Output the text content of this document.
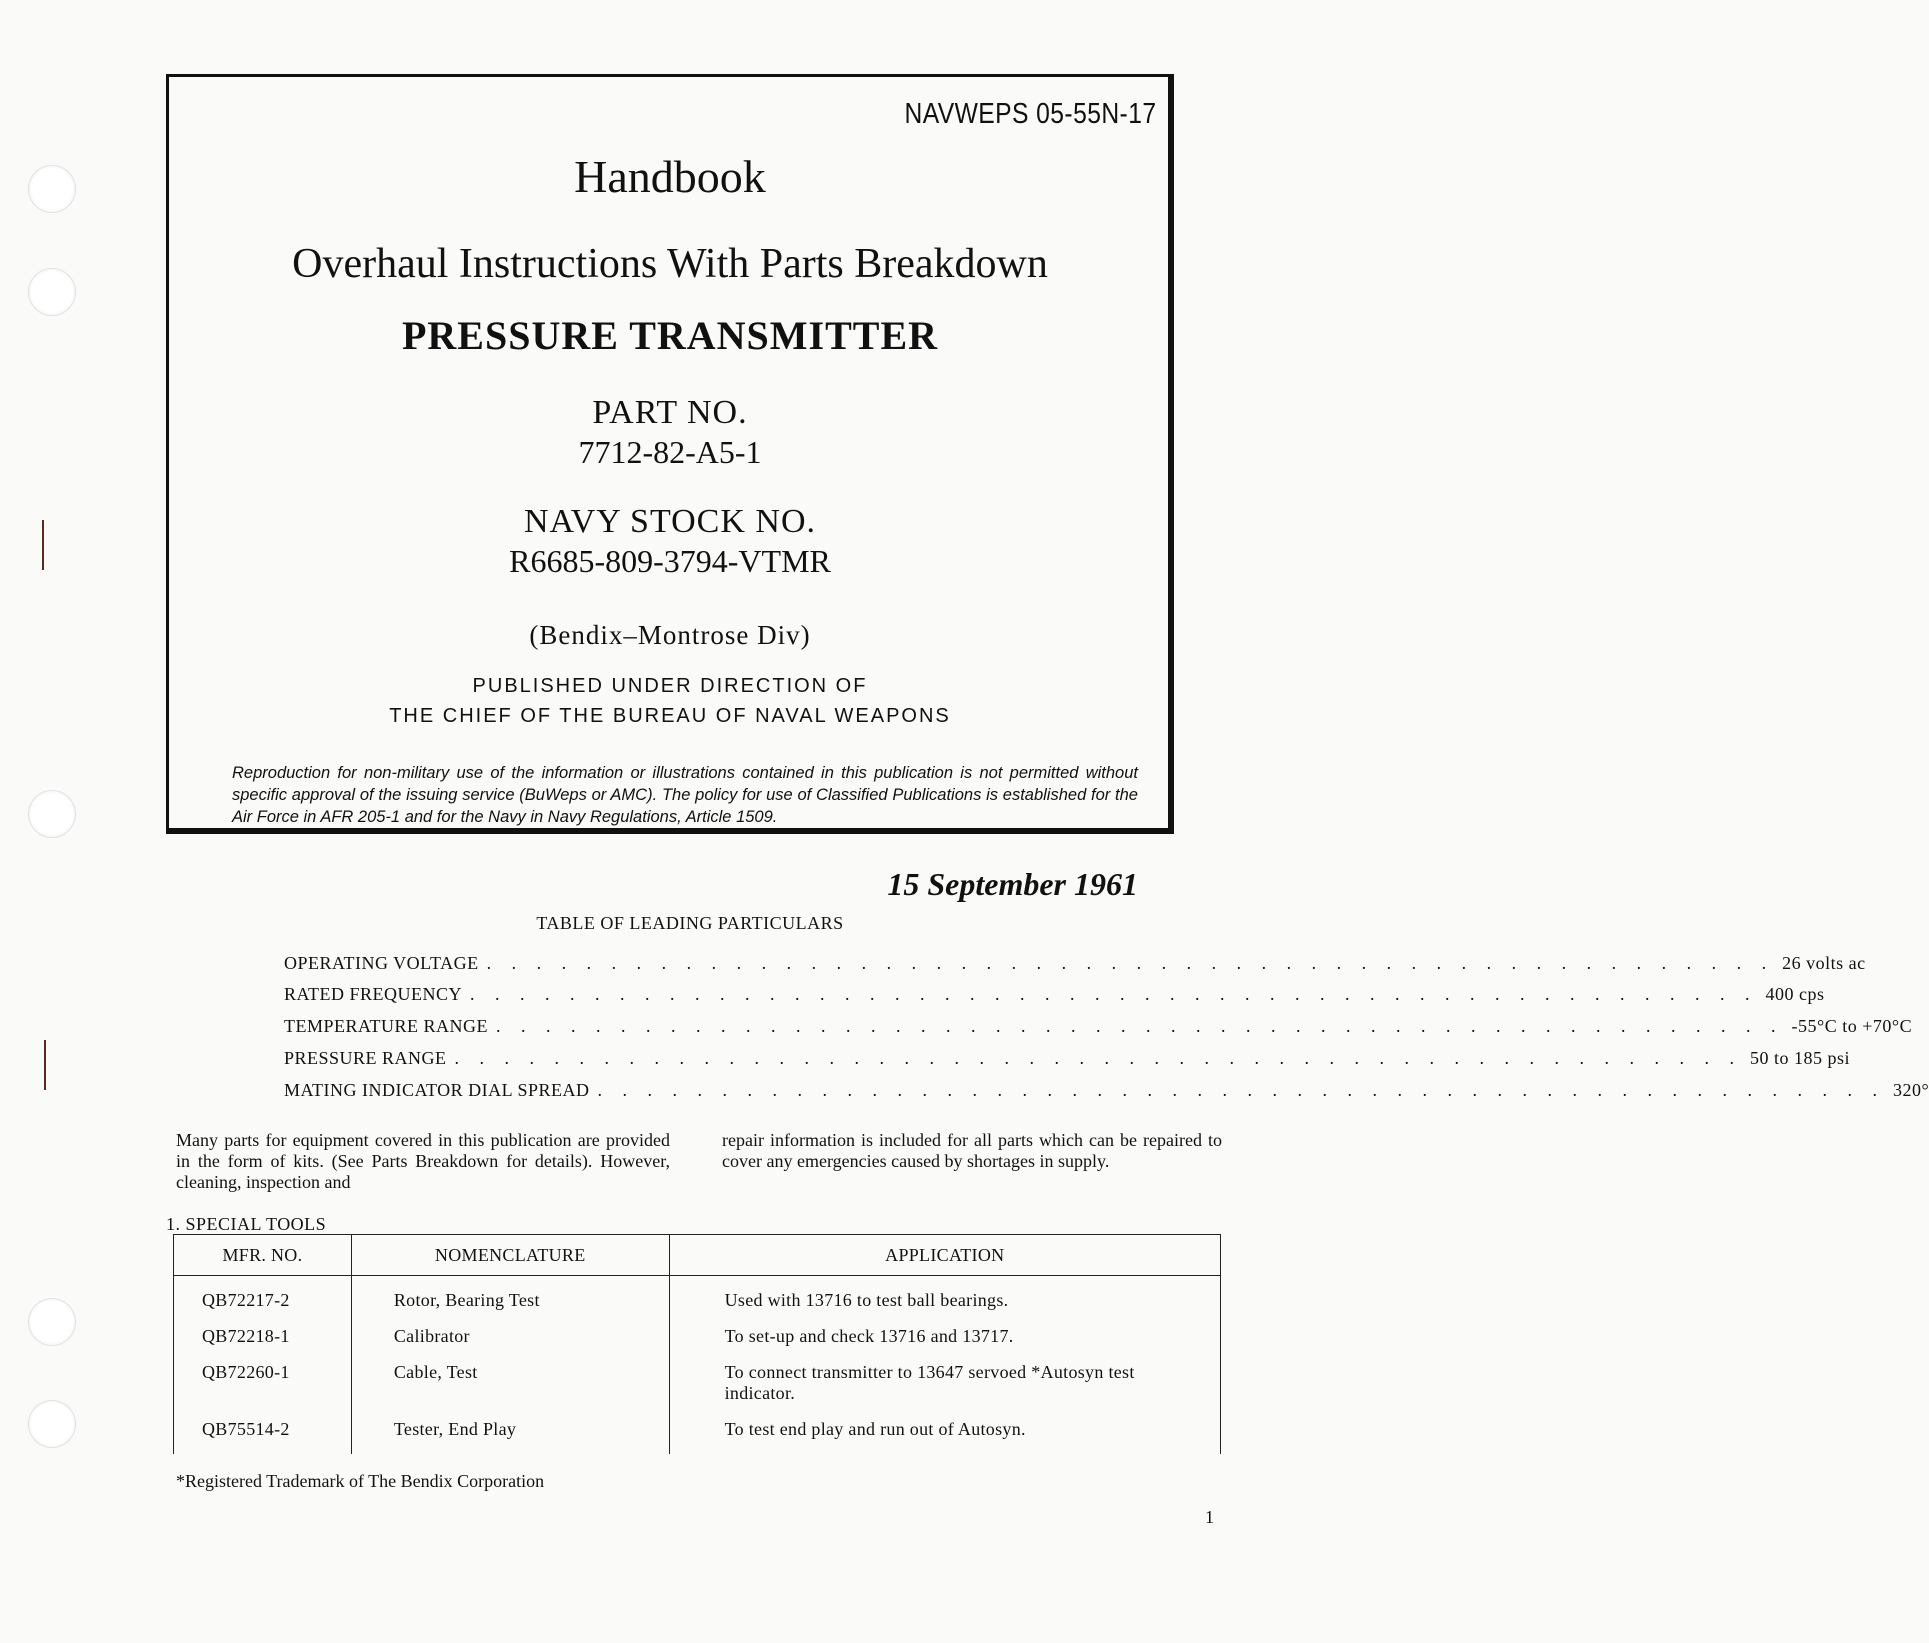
NAVWEPS 05-55N-17
Handbook
Overhaul Instructions With Parts Breakdown
PRESSURE TRANSMITTER
PART NO.
7712-82-A5-1
NAVY STOCK NO.
R6685-809-3794-VTMR
(Bendix–Montrose Div)
PUBLISHED UNDER DIRECTION OF
THE CHIEF OF THE BUREAU OF NAVAL WEAPONS
Reproduction for non-military use of the information or illustrations contained in this publication is not permitted without specific approval of the issuing service (BuWeps or AMC). The policy for use of Classified Publications is established for the Air Force in AFR 205-1 and for the Navy in Navy Regulations, Article 1509.
15 September 1961
TABLE OF LEADING PARTICULARS
OPERATING VOLTAGE . . . . . . . . . . . . . . . . . . . . . . . . . . . . . . . . . . . . . . . . . . . . . . . . . . . . 26 volts ac
RATED FREQUENCY . . . . . . . . . . . . . . . . . . . . . . . . . . . . . . . . . . . . . . . . . . . . . . . . . . . . 400 cps
TEMPERATURE RANGE . . . . . . . . . . . . . . . . . . . . . . . . . . . . . . . . . . . . . . . . . . . . . . . . . . . . -55°C to +70°C
PRESSURE RANGE . . . . . . . . . . . . . . . . . . . . . . . . . . . . . . . . . . . . . . . . . . . . . . . . . . . . 50 to 185 psi
MATING INDICATOR DIAL SPREAD . . . . . . . . . . . . . . . . . . . . . . . . . . . . . . . . . . . . . . . . . . . . . . . . . . . . 320°
Many parts for equipment covered in this publication are provided in the form of kits. (See Parts Breakdown for details). However, cleaning, inspection and
repair information is included for all parts which can be repaired to cover any emergencies caused by shortages in supply.
1. SPECIAL TOOLS
MFR. NO.	NOMENCLATURE	APPLICATION
QB72217-2	Rotor, Bearing Test	Used with 13716 to test ball bearings.
QB72218-1	Calibrator	To set-up and check 13716 and 13717.
QB72260-1	Cable, Test	To connect transmitter to 13647 servoed *Autosyn test indicator.
QB75514-2	Tester, End Play	To test end play and run out of Autosyn.
*Registered Trademark of The Bendix Corporation
1
